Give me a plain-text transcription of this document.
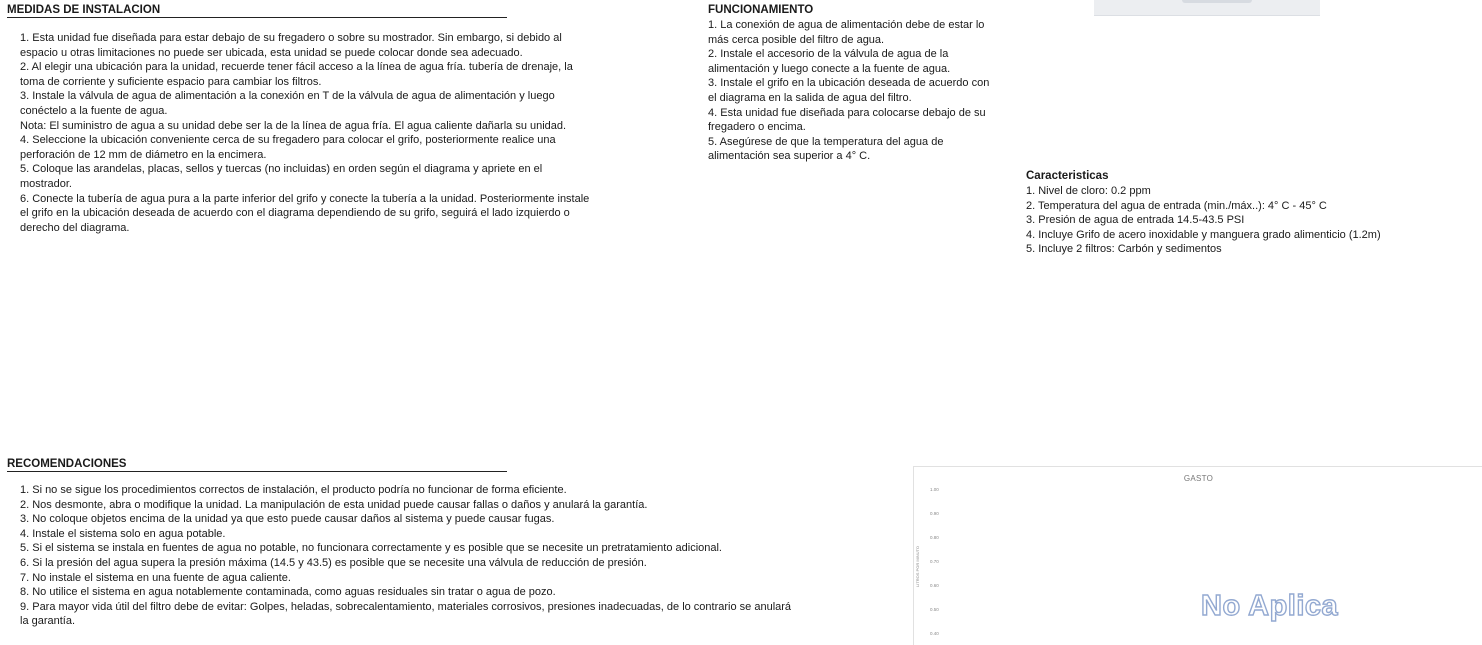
MEDIDAS DE INSTALACION

1. Esta unidad fue diseñada para estar debajo de su fregadero o sobre su mostrador. Sin embargo, si debido al

espacio u otras limitaciones no puede ser ubicada, esta unidad se puede colocar donde sea adecuado.

2. Al elegir una ubicación para la unidad, recuerde tener fácil acceso a la línea de agua fría. tubería de drenaje, la

toma de corriente y suficiente espacio para cambiar los filtros.

3. Instale la válvula de agua de alimentación a la conexión en T de la válvula de agua de alimentación y luego

conéctelo a la fuente de agua.

Nota: El suministro de agua a su unidad debe ser la de la línea de agua fría. El agua caliente dañarla su unidad.

4. Seleccione la ubicación conveniente cerca de su fregadero para colocar el grifo, posteriormente realice una

perforación de 12 mm de diámetro en la encimera.

5. Coloque las arandelas, placas, sellos y tuercas (no incluidas) en orden según el diagrama y apriete en el

mostrador.

6. Conecte la tubería de agua pura a la parte inferior del grifo y conecte la tubería a la unidad. Posteriormente instale

el grifo en la ubicación deseada de acuerdo con el diagrama dependiendo de su grifo, seguirá el lado izquierdo o

derecho del diagrama.

FUNCIONAMIENTO

1. La conexión de agua de alimentación debe de estar lo

más cerca posible del filtro de agua.

2. Instale el accesorio de la válvula de agua de la

alimentación y luego conecte a la fuente de agua.

3. Instale el grifo en la ubicación deseada de acuerdo con

el diagrama en la salida de agua del filtro.

4. Esta unidad fue diseñada para colocarse debajo de su

fregadero o encima.

5. Asegúrese de que la temperatura del agua de

alimentación sea superior a 4° C.

Caracteristicas

1. Nivel de cloro: 0.2 ppm

2. Temperatura del agua de entrada (min./máx..): 4° C - 45° C

3. Presión de agua de entrada 14.5-43.5 PSI

4. Incluye Grifo de acero inoxidable y manguera grado alimenticio (1.2m)

5. Incluye 2 filtros: Carbón y sedimentos

RECOMENDACIONES

1. Si no se sigue los procedimientos correctos de instalación, el producto podría no funcionar de forma eficiente.

2. Nos desmonte, abra o modifique la unidad. La manipulación de esta unidad puede causar fallas o daños y anulará la garantía.

3. No coloque objetos encima de la unidad ya que esto puede causar daños al sistema y puede causar fugas.

4. Instale el sistema solo en agua potable.

5. Si el sistema se instala en fuentes de agua no potable, no funcionara correctamente y es posible que se necesite un pretratamiento adicional.

6. Si la presión del agua supera la presión máxima (14.5 y 43.5) es posible que se necesite una válvula de reducción de presión.

7. No instale el sistema en una fuente de agua caliente.

8. No utilice el sistema en agua notablemente contaminada, como aguas residuales sin tratar o agua de pozo.

9. Para mayor vida útil del filtro debe de evitar: Golpes, heladas, sobrecalentamiento, materiales corrosivos, presiones inadecuadas, de lo contrario se anulará

la garantía.

GASTO
LITROS POR MINUTO
1.00
0.90
0.80
0.70
0.60
0.50
0.40
No Aplica
